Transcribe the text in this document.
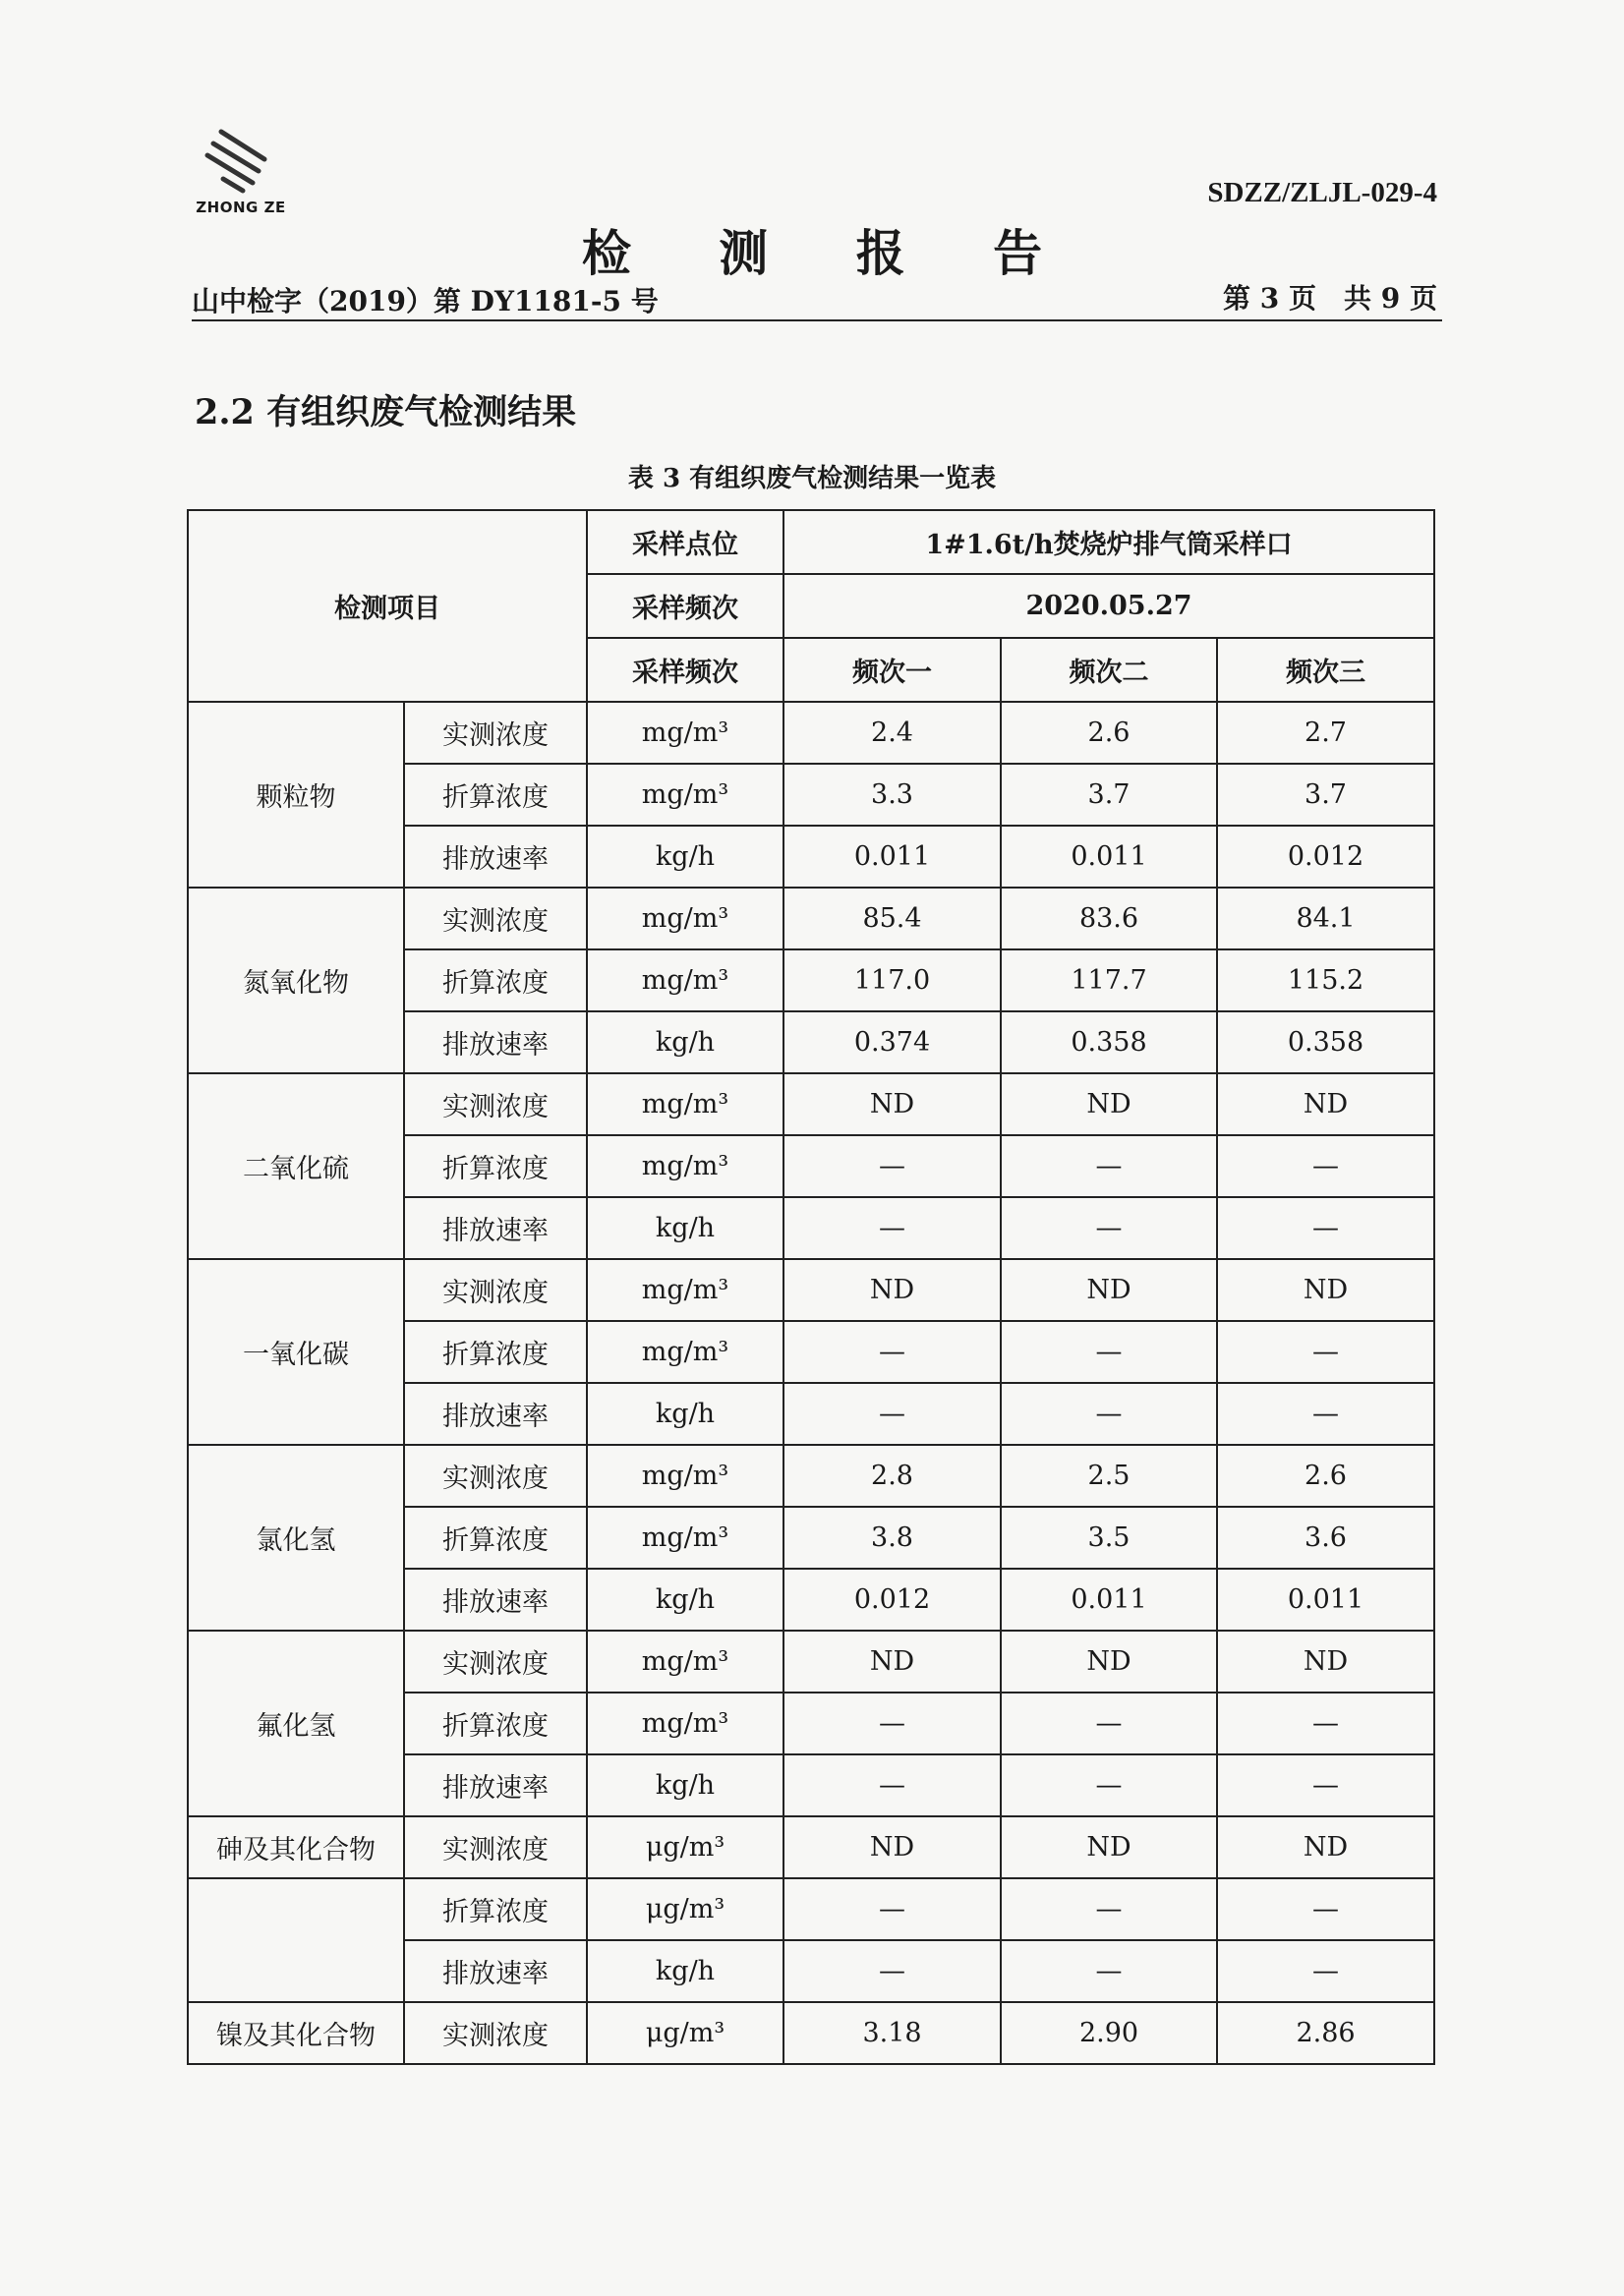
ZHONG ZE	SDZZ/ZLJL-029-4
检 测 报 告
山中检字（2019）第 DY1181-5 号	第 3 页　共 9 页
2.2 有组织废气检测结果
表 3 有组织废气检测结果一览表
检测项目		采样点位	1#1.6t/h焚烧炉排气筒采样口		
		采样频次	2020.05.27		
		采样频次	频次一	频次二	频次三
颗粒物	实测浓度	mg/m³	2.4	2.6	2.7
	折算浓度	mg/m³	3.3	3.7	3.7
	排放速率	kg/h	0.011	0.011	0.012
氮氧化物	实测浓度	mg/m³	85.4	83.6	84.1
	折算浓度	mg/m³	117.0	117.7	115.2
	排放速率	kg/h	0.374	0.358	0.358
二氧化硫	实测浓度	mg/m³	ND	ND	ND
	折算浓度	mg/m³	—	—	—
	排放速率	kg/h	—	—	—
一氧化碳	实测浓度	mg/m³	ND	ND	ND
	折算浓度	mg/m³	—	—	—
	排放速率	kg/h	—	—	—
氯化氢	实测浓度	mg/m³	2.8	2.5	2.6
	折算浓度	mg/m³	3.8	3.5	3.6
	排放速率	kg/h	0.012	0.011	0.011
氟化氢	实测浓度	mg/m³	ND	ND	ND
	折算浓度	mg/m³	—	—	—
	排放速率	kg/h	—	—	—
砷及其化合物	实测浓度	μg/m³	ND	ND	ND
	折算浓度	μg/m³	—	—	—
	排放速率	kg/h	—	—	—
镍及其化合物	实测浓度	μg/m³	3.18	2.90	2.86
